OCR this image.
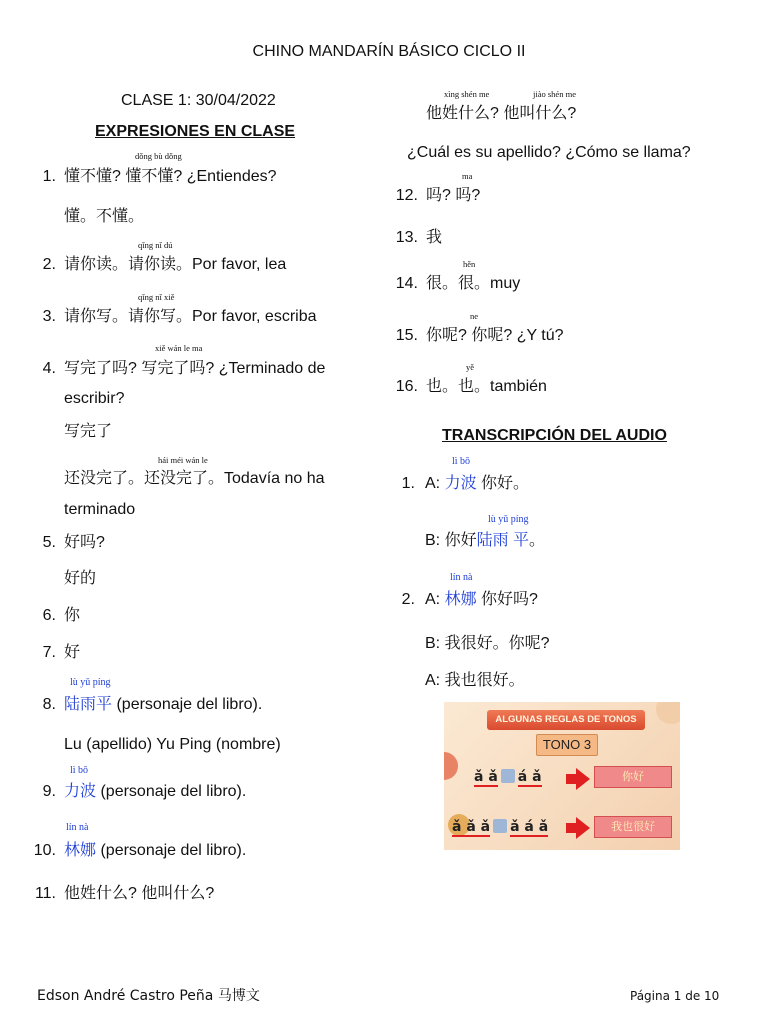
CHINO MANDARÍN BÁSICO CICLO II
CLASE 1: 30/04/2022
EXPRESIONES EN CLASE
dǒng bù dǒng
1. 懂不懂? 懂不懂? ¿Entiendes?
懂。不懂。
qǐng nǐ dú
2. 请你读。请你读。Por favor, lea
qǐng nǐ xiě
3. 请你写。请你写。Por favor, escriba
xiě wán le ma
4. 写完了吗? 写完了吗? ¿Terminado de
escribir?
写完了
hái méi wán le
还没完了。还没完了。Todavía no ha
terminado
5. 好吗?
好的
6. 你
7. 好
lù yǔ píng
8. 陆雨平 (personaje del libro).
Lu (apellido) Yu Ping (nombre)
lì bō
9. 力波 (personaje del libro).
lín nà
10. 林娜 (personaje del libro).
11. 他姓什么? 他叫什么?
xìng shén me	jiào shén me
他姓什么? 他叫什么?
¿Cuál es su apellido? ¿Cómo se llama?
ma
12. 吗? 吗?
13. 我
hěn
14. 很。很。muy
ne
15. 你呢? 你呢? ¿Y tú?
yě
16. 也。也。también
TRANSCRIPCIÓN DEL AUDIO
lì bō
1. A: 力波 你好。
lù yǔ píng
B: 你好陆雨 平。
lín nà
2. A: 林娜 你好吗?
B: 我很好。你呢?
A: 我也很好。
ALGUNAS REGLAS DE TONOS
TONO 3
ǎ ǎ á ǎ	你好
ǎ ǎ ǎ ǎ á ǎ	我也很好
Edson André Castro Peña 马博文	Página 1 de 10
